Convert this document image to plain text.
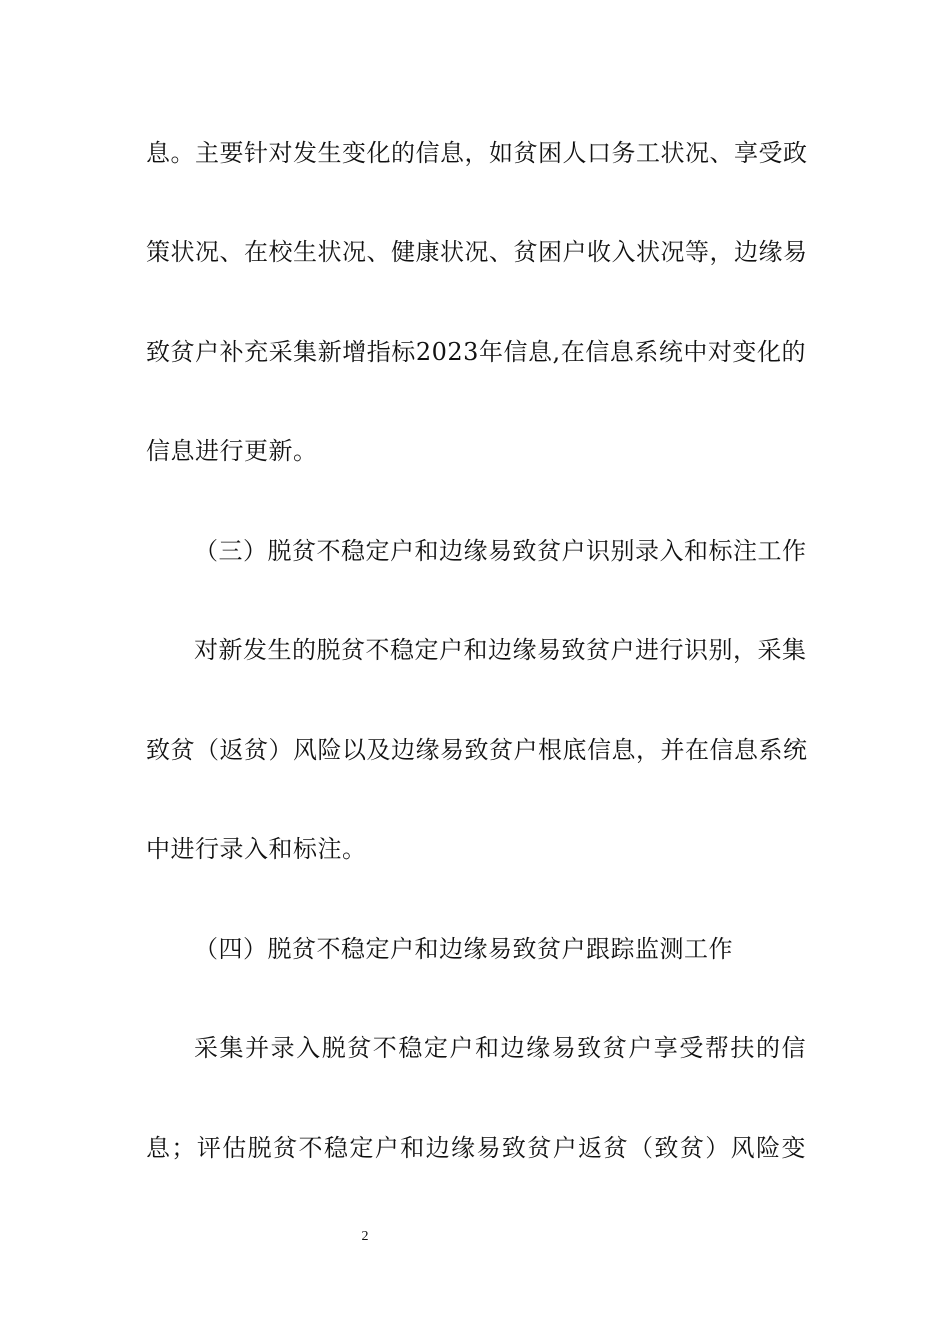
息。主要针对发生变化的信息，如贫困人口务工状况、享受政
策状况、在校生状况、健康状况、贫困户收入状况等，边缘易
致贫户补充采集新增指标2023年信息,在信息系统中对变化的
信息进行更新。
（三）脱贫不稳定户和边缘易致贫户识别录入和标注工作
对新发生的脱贫不稳定户和边缘易致贫户进行识别，采集
致贫（返贫）风险以及边缘易致贫户根底信息，并在信息系统
中进行录入和标注。
（四）脱贫不稳定户和边缘易致贫户跟踪监测工作
采集并录入脱贫不稳定户和边缘易致贫户享受帮扶的信
息；评估脱贫不稳定户和边缘易致贫户返贫（致贫）风险变
2
